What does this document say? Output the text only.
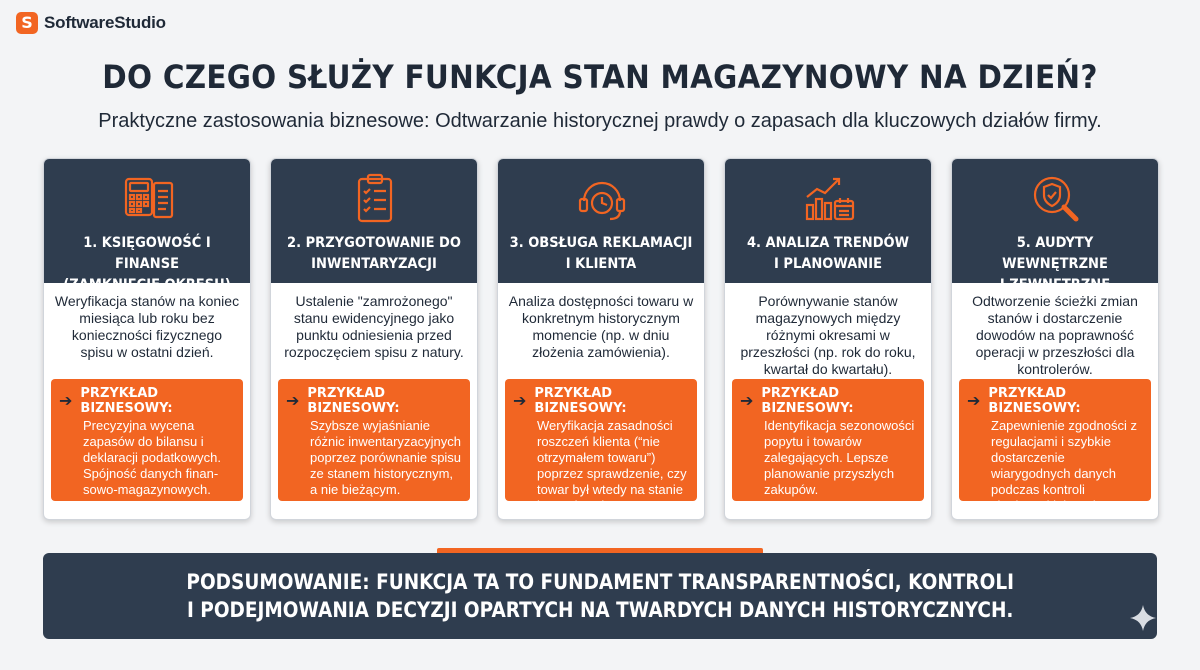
S SoftwareStudio
DO CZEGO SŁUŻY FUNKCJA STAN MAGAZYNOWY NA DZIEŃ?
Praktyczne zastosowania biznesowe: Odtwarzanie historycznej prawdy o zapasach dla kluczowych działów firmy.
1. KSIĘGOWOŚĆ I FINANSE
(ZAMKNIĘCIE OKRESU)
Weryfikacja stanów na koniec miesiąca lub roku bez konieczności fizycznego spisu w ostatni dzień.
➔ PRZYKŁAD BIZNESOWY:
Precyzyjna wycena zapasów do bilansu i deklaracji podatkowych. Spójność danych finan-sowo-magazynowych.
2. PRZYGOTOWANIE DO
INWENTARYZACJI
Ustalenie "zamrożonego" stanu ewidencyjnego jako punktu odniesienia przed rozpoczęciem spisu z natury.
➔ PRZYKŁAD BIZNESOWY:
Szybsze wyjaśnianie różnic inwentaryzacyjnych poprzez porównanie spisu ze stanem historycznym, a nie bieżącym.
3. OBSŁUGA REKLAMACJI
I KLIENTA
Analiza dostępności towaru w konkretnym historycznym momencie (np. w dniu złożenia zamówienia).
➔ PRZYKŁAD BIZNESOWY:
Weryfikacja zasadności roszczeń klienta (“nie otrzymałem towaru”) poprzez sprawdzenie, czy towar był wtedy na stanie i został wydany.
4. ANALIZA TRENDÓW
I PLANOWANIE
Porównywanie stanów magazynowych między różnymi okresami w przeszłości (np. rok do roku, kwartał do kwartału).
➔ PRZYKŁAD BIZNESOWY:
Identyfikacja sezonowości popytu i towarów zalegających. Lepsze planowanie przyszłych zakupów.
5. AUDYTY WEWNĘTRZNE
I ZEWNĘTRZNE
Odtworzenie ścieżki zmian stanów i dostarczenie dowodów na poprawność operacji w przeszłości dla kontrolerów.
➔ PRZYKŁAD BIZNESOWY:
Zapewnienie zgodności z regulacjami i szybkie dostarczenie wiarygodnych danych podczas kontroli skarbowej lub audytu ISO.
PODSUMOWANIE: FUNKCJA TA TO FUNDAMENT TRANSPARENTNOŚCI, KONTROLI
I PODEJMOWANIA DECYZJI OPARTYCH NA TWARDYCH DANYCH HISTORYCZNYCH.
